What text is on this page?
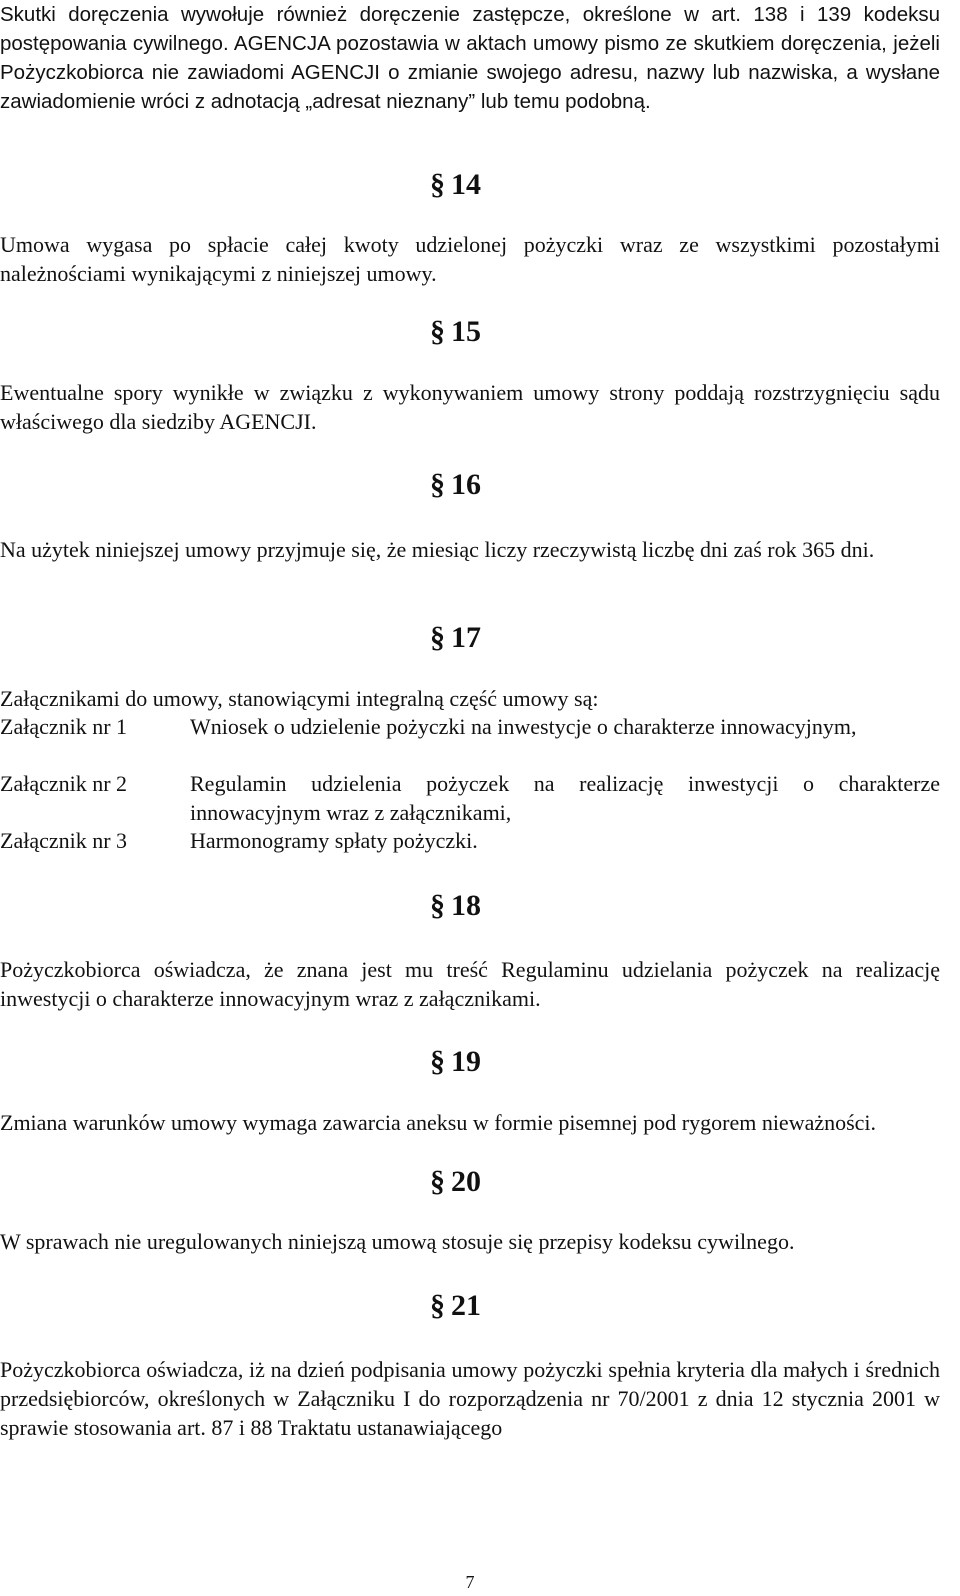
Skutki doręczenia wywołuje również doręczenie zastępcze, określone w art. 138 i 139 kodeksu postępowania cywilnego. AGENCJA pozostawia w aktach umowy pismo ze skutkiem doręczenia, jeżeli Pożyczkobiorca nie zawiadomi AGENCJI o zmianie swojego adresu, nazwy lub nazwiska, a wysłane zawiadomienie wróci z adnotacją „adresat nieznany” lub temu podobną.

§ 14

Umowa wygasa po spłacie całej kwoty udzielonej pożyczki wraz ze wszystkimi pozostałymi należnościami wynikającymi z niniejszej umowy.

§ 15

Ewentualne spory wynikłe w związku z wykonywaniem umowy strony poddają rozstrzygnięciu sądu właściwego dla siedziby AGENCJI.

§ 16

Na użytek niniejszej umowy przyjmuje się, że miesiąc liczy rzeczywistą liczbę dni zaś rok 365 dni.

§ 17

Załącznikami do umowy, stanowiącymi integralną część umowy są:

Załącznik nr 1	Wniosek o udzielenie pożyczki na inwestycje o charakterze innowacyjnym,
Załącznik nr 2	Regulamin udzielenia pożyczek na realizację inwestycji o charakterze innowacyjnym wraz z załącznikami,
Załącznik nr 3	Harmonogramy spłaty pożyczki.
§ 18

Pożyczkobiorca oświadcza, że znana jest mu treść Regulaminu udzielania pożyczek na realizację inwestycji o charakterze innowacyjnym wraz z załącznikami.

§ 19

Zmiana warunków umowy wymaga zawarcia aneksu w formie pisemnej pod rygorem nieważności.

§ 20

W sprawach nie uregulowanych niniejszą umową stosuje się przepisy kodeksu cywilnego.

§ 21

Pożyczkobiorca oświadcza, iż na dzień podpisania umowy pożyczki spełnia kryteria dla małych i średnich przedsiębiorców, określonych w Załączniku I do rozporządzenia nr 70/2001 z dnia 12 stycznia 2001 w sprawie stosowania art. 87 i 88 Traktatu ustanawiającego

7
